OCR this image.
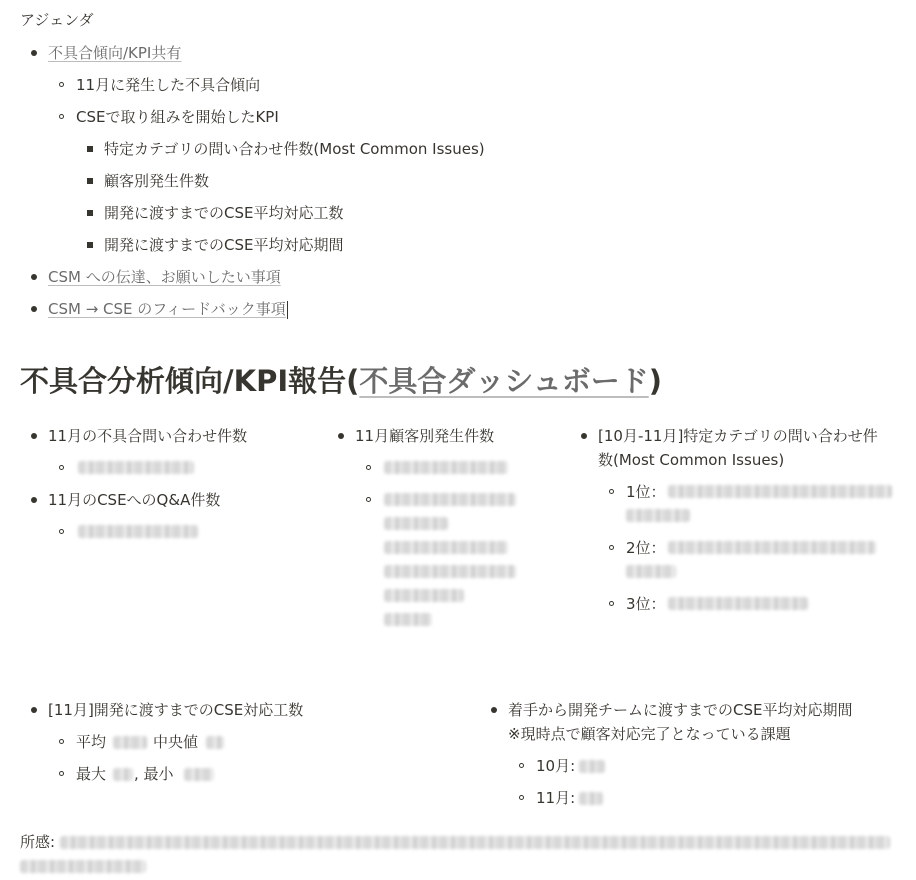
アジェンダ
不具合傾向/KPI共有
11月に発生した不具合傾向
CSEで取り組みを開始したKPI
特定カテゴリの問い合わせ件数(Most Common Issues)
顧客別発生件数
開発に渡すまでのCSE平均対応工数
開発に渡すまでのCSE平均対応期間
CSM への伝達、お願いしたい事項
CSM → CSE のフィードバック事項
不具合分析傾向/KPI報告(不具合ダッシュボード)
11月の不具合問い合わせ件数
11月のCSEへのQ&A件数
11月顧客別発生件数	[10月-11月]特定カテゴリの問い合わせ件
数(Most Common Issues)
1位：
2位：
3位：
[11月]開発に渡すまでのCSE対応工数
平均	中央値
最大 , 最小
着手から開発チームに渡すまでのCSE平均対応期間
※現時点で顧客対応完了となっている課題
10月:
11月:
所感:
